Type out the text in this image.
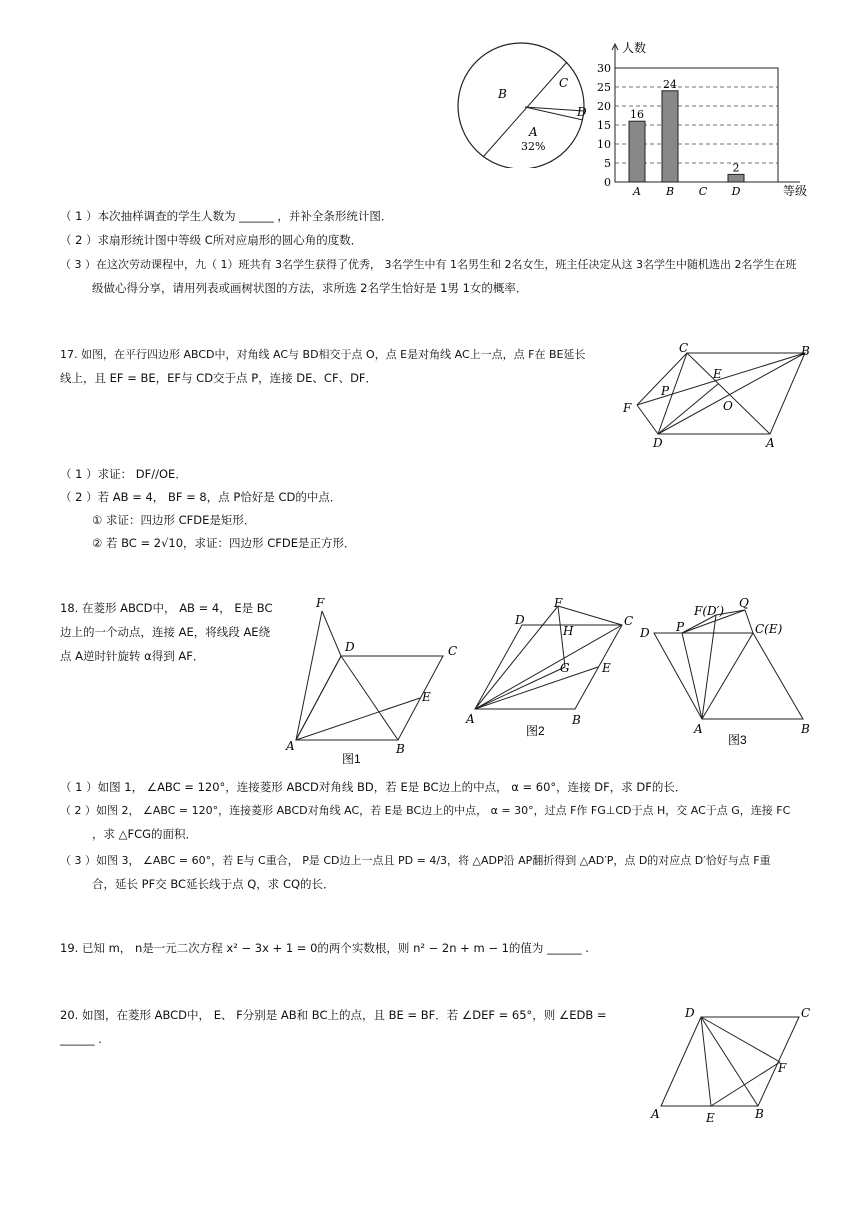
B
C
D
A
32%
0
5
10
15
20
25
30
16
A
24
B C
2
D
人数
等级
（ 1 ）本次抽样调查的学生人数为 ______ ，并补全条形统计图．
（ 2 ）求扇形统计图中等级 C所对应扇形的圆心角的度数．
（ 3 ）在这次劳动课程中，九（ 1）班共有 3名学生获得了优秀， 3名学生中有 1名男生和 2名女生，班主任决定从这 3名学生中随机选出 2名学生在班
级做心得分享，请用列表或画树状图的方法，求所选 2名学生恰好是 1男 1女的概率．
17. 如图，在平行四边形 ABCD中，对角线 AC与 BD相交于点 O，点 E是对角线 AC上一点，点 F在 BE延长
线上，且 EF = BE，EF与 CD交于点 P，连接 DE、CF、DF．
C	B
E
P
F	O
D	A
（ 1 ）求证： DF//OE．
（ 2 ）若 AB = 4， BF = 8，点 P恰好是 CD的中点．
① 求证：四边形 CFDE是矩形．
② 若 BC = 2√10，求证：四边形 CFDE是正方形．
18. 在菱形 ABCD中， AB = 4， E是 BC
边上的一个动点，连接 AE，将线段 AE绕
点 A逆时针旋转 α得到 AF．
F
D	C
E
A	B
图1
F
D	C
H
G	E
A	B
图2
F(D′)
Q
D P	C(E)
A	B
图3
（ 1 ）如图 1， ∠ABC = 120°，连接菱形 ABCD对角线 BD，若 E是 BC边上的中点， α = 60°，连接 DF，求 DF的长．
（ 2 ）如图 2， ∠ABC = 120°，连接菱形 ABCD对角线 AC，若 E是 BC边上的中点， α = 30°，过点 F作 FG⊥CD于点 H，交 AC于点 G，连接 FC
，求 △FCG的面积．
（ 3 ）如图 3， ∠ABC = 60°，若 E与 C重合， P是 CD边上一点且 PD = 4/3，将 △ADP沿 AP翻折得到 △AD′P，点 D的对应点 D′恰好与点 F重
合，延长 PF交 BC延长线于点 Q，求 CQ的长．
19. 已知 m， n是一元二次方程 x² − 3x + 1 = 0的两个实数根，则 n² − 2n + m − 1的值为 ______ .
20. 如图，在菱形 ABCD中， E、 F分别是 AB和 BC上的点，且 BE = BF．若 ∠DEF = 65°，则 ∠EDB =
______ .
D	C
F
A	E	B
